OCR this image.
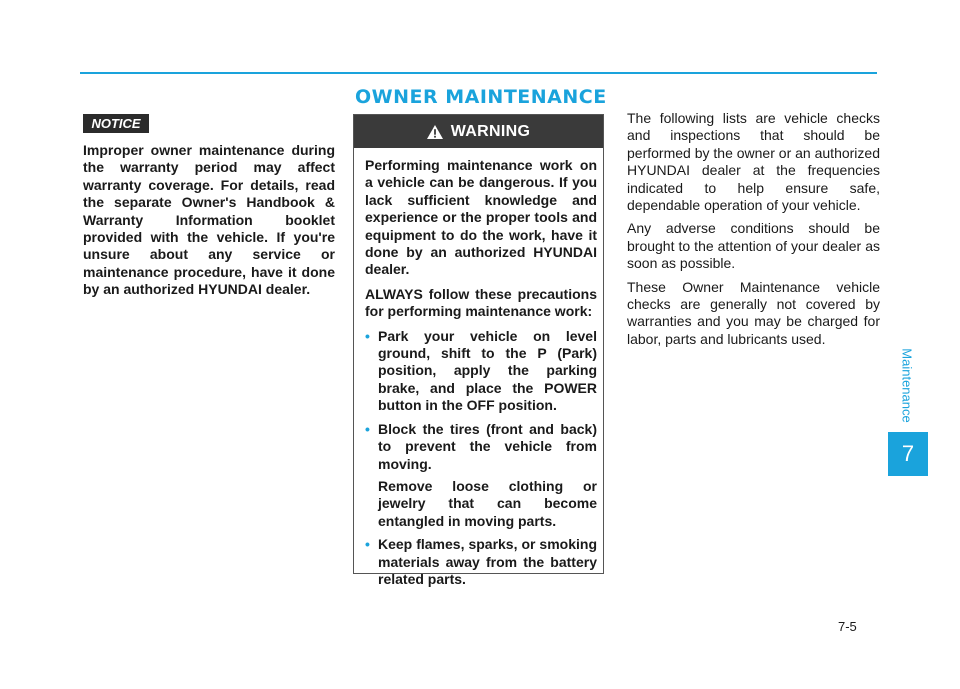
OWNER MAINTENANCE
NOTICE
Improper owner maintenance during the warranty period may affect warranty coverage. For details, read the separate Owner's Handbook & Warranty Information booklet provided with the vehicle. If you're unsure about any service or maintenance procedure, have it done by an authorized HYUNDAI dealer.
WARNING

Performing maintenance work on a vehicle can be dangerous. If you lack sufficient knowledge and experience or the proper tools and equipment to do the work, have it done by an authorized HYUNDAI dealer.

ALWAYS follow these precautions for performing maintenance work:

• Park your vehicle on level ground, shift to the P (Park) position, apply the parking brake, and place the POWER button in the OFF position.

• Block the tires (front and back) to prevent the vehicle from moving.

Remove loose clothing or jewelry that can become entangled in moving parts.

• Keep flames, sparks, or smoking materials away from the battery related parts.

The following lists are vehicle checks and inspections that should be performed by the owner or an authorized HYUNDAI dealer at the frequencies indicated to help ensure safe, dependable operation of your vehicle.

Any adverse conditions should be brought to the attention of your dealer as soon as possible.

These Owner Maintenance vehicle checks are generally not covered by warranties and you may be charged for labor, parts and lubricants used.

Maintenance
7
7-5
